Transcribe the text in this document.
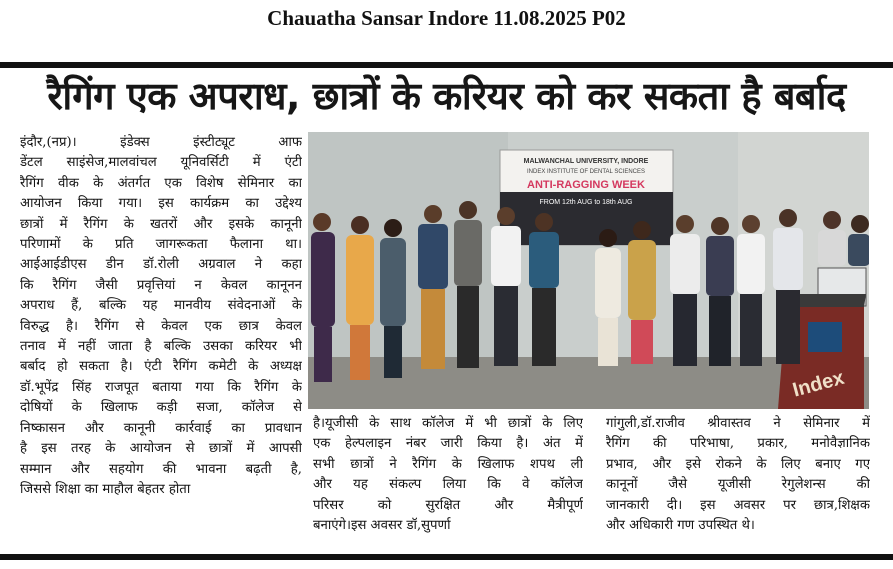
Chauatha Sansar Indore 11.08.2025 P02
रैगिंग एक अपराध, छात्रों के करियर को कर सकता है बर्बाद
इंदौर,(नप्र)। इंडेक्स इंस्टीट्यूट आफ
डेंटल साइंसेज,मालवांचल यूनिवर्सिटी में एंटी
रैगिंग वीक के अंतर्गत एक विशेष सेमिनार का
आयोजन किया गया। इस कार्यक्रम का उद्देश्य
छात्रों में रैगिंग के खतरों और इसके कानूनी
परिणामों के प्रति जागरूकता फैलाना था।
आईआईडीएस डीन डॉ.रोली अग्रवाल ने कहा
कि रैगिंग जैसी प्रवृत्तियां न केवल कानूनन
अपराध हैं, बल्कि यह मानवीय संवेदनाओं के
विरुद्ध है। रैगिंग से केवल एक छात्र केवल
तनाव में नहीं जाता है बल्कि उसका करियर भी
बर्बाद हो सकता है। एंटी रैगिंग कमेटी के अध्यक्ष
डॉ.भूपेंद्र सिंह राजपूत बताया गया कि रैगिंग के
दोषियों के खिलाफ कड़ी सजा, कॉलेज से
निष्कासन और कानूनी कार्रवाई का प्रावधान
है इस तरह के आयोजन से छात्रों में आपसी
सम्मान और सहयोग की भावना बढ़ती है,
जिससे शिक्षा का माहौल बेहतर होता
MALWANCHAL UNIVERSITY, INDORE
INDEX INSTITUTE OF DENTAL SCIENCES
ANTI-RAGGING WEEK
FROM 12th AUG to 18th AUG
Index
है।यूजीसी के साथ कॉलेज में भी छात्रों के लिए
एक हेल्पलाइन नंबर जारी किया है। अंत में
सभी छात्रों ने रैगिंग के खिलाफ शपथ ली
और यह संकल्प लिया कि वे कॉलेज
परिसर को सुरक्षित और मैत्रीपूर्ण
बनाएंगे।इस अवसर डॉ,सुपर्णा
गांगुली,डॉ.राजीव श्रीवास्तव ने सेमिनार में
रैगिंग की परिभाषा, प्रकार, मनोवैज्ञानिक
प्रभाव, और इसे रोकने के लिए बनाए गए
कानूनों जैसे यूजीसी रेगुलेशन्स की
जानकारी दी। इस अवसर पर छात्र,शिक्षक
और अधिकारी गण उपस्थित थे।
